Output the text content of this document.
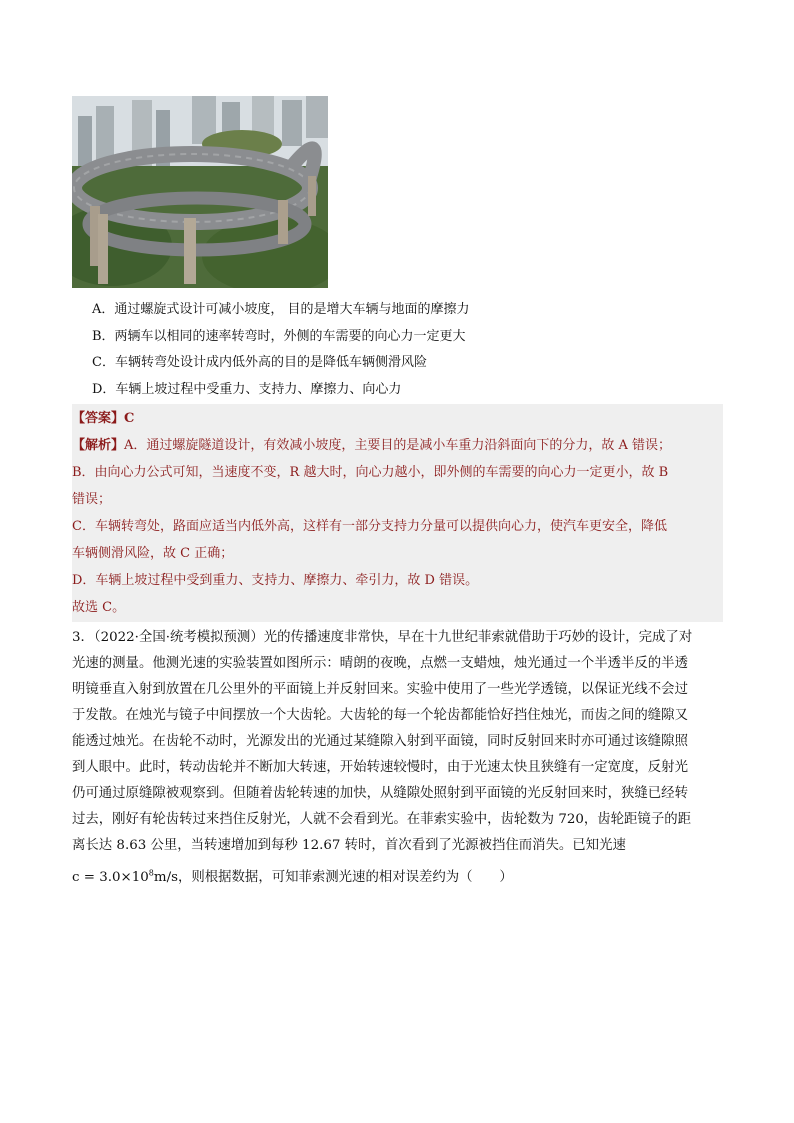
A．通过螺旋式设计可减小坡度， 目的是增大车辆与地面的摩擦力
B．两辆车以相同的速率转弯时，外侧的车需要的向心力一定更大
C．车辆转弯处设计成内低外高的目的是降低车辆侧滑风险
D．车辆上坡过程中受重力、支持力、摩擦力、向心力
【答案】C
【解析】A．通过螺旋隧道设计，有效减小坡度，主要目的是减小车重力沿斜面向下的分力，故 A 错误；
B．由向心力公式可知，当速度不变，R 越大时，向心力越小，即外侧的车需要的向心力一定更小，故 B
错误；
C．车辆转弯处，路面应适当内低外高，这样有一部分支持力分量可以提供向心力，使汽车更安全，降低
车辆侧滑风险，故 C 正确；
D．车辆上坡过程中受到重力、支持力、摩擦力、牵引力，故 D 错误。
故选 C。
3．（2022·全国·统考模拟预测）光的传播速度非常快，早在十九世纪菲索就借助于巧妙的设计，完成了对
光速的测量。他测光速的实验装置如图所示：晴朗的夜晚，点燃一支蜡烛，烛光通过一个半透半反的半透
明镜垂直入射到放置在几公里外的平面镜上并反射回来。实验中使用了一些光学透镜，以保证光线不会过
于发散。在烛光与镜子中间摆放一个大齿轮。大齿轮的每一个轮齿都能恰好挡住烛光，而齿之间的缝隙又
能透过烛光。在齿轮不动时，光源发出的光通过某缝隙入射到平面镜，同时反射回来时亦可通过该缝隙照
到人眼中。此时，转动齿轮并不断加大转速，开始转速较慢时，由于光速太快且狭缝有一定宽度，反射光
仍可通过原缝隙被观察到。但随着齿轮转速的加快，从缝隙处照射到平面镜的光反射回来时，狭缝已经转
过去，刚好有轮齿转过来挡住反射光，人就不会看到光。在菲索实验中，齿轮数为 720，齿轮距镜子的距
离长达 8.63 公里，当转速增加到每秒 12.67 转时，首次看到了光源被挡住而消失。已知光速
$c = 3.0\times 10^8m/s$，则根据数据，可知菲索测光速的相对误差约为（　　）
